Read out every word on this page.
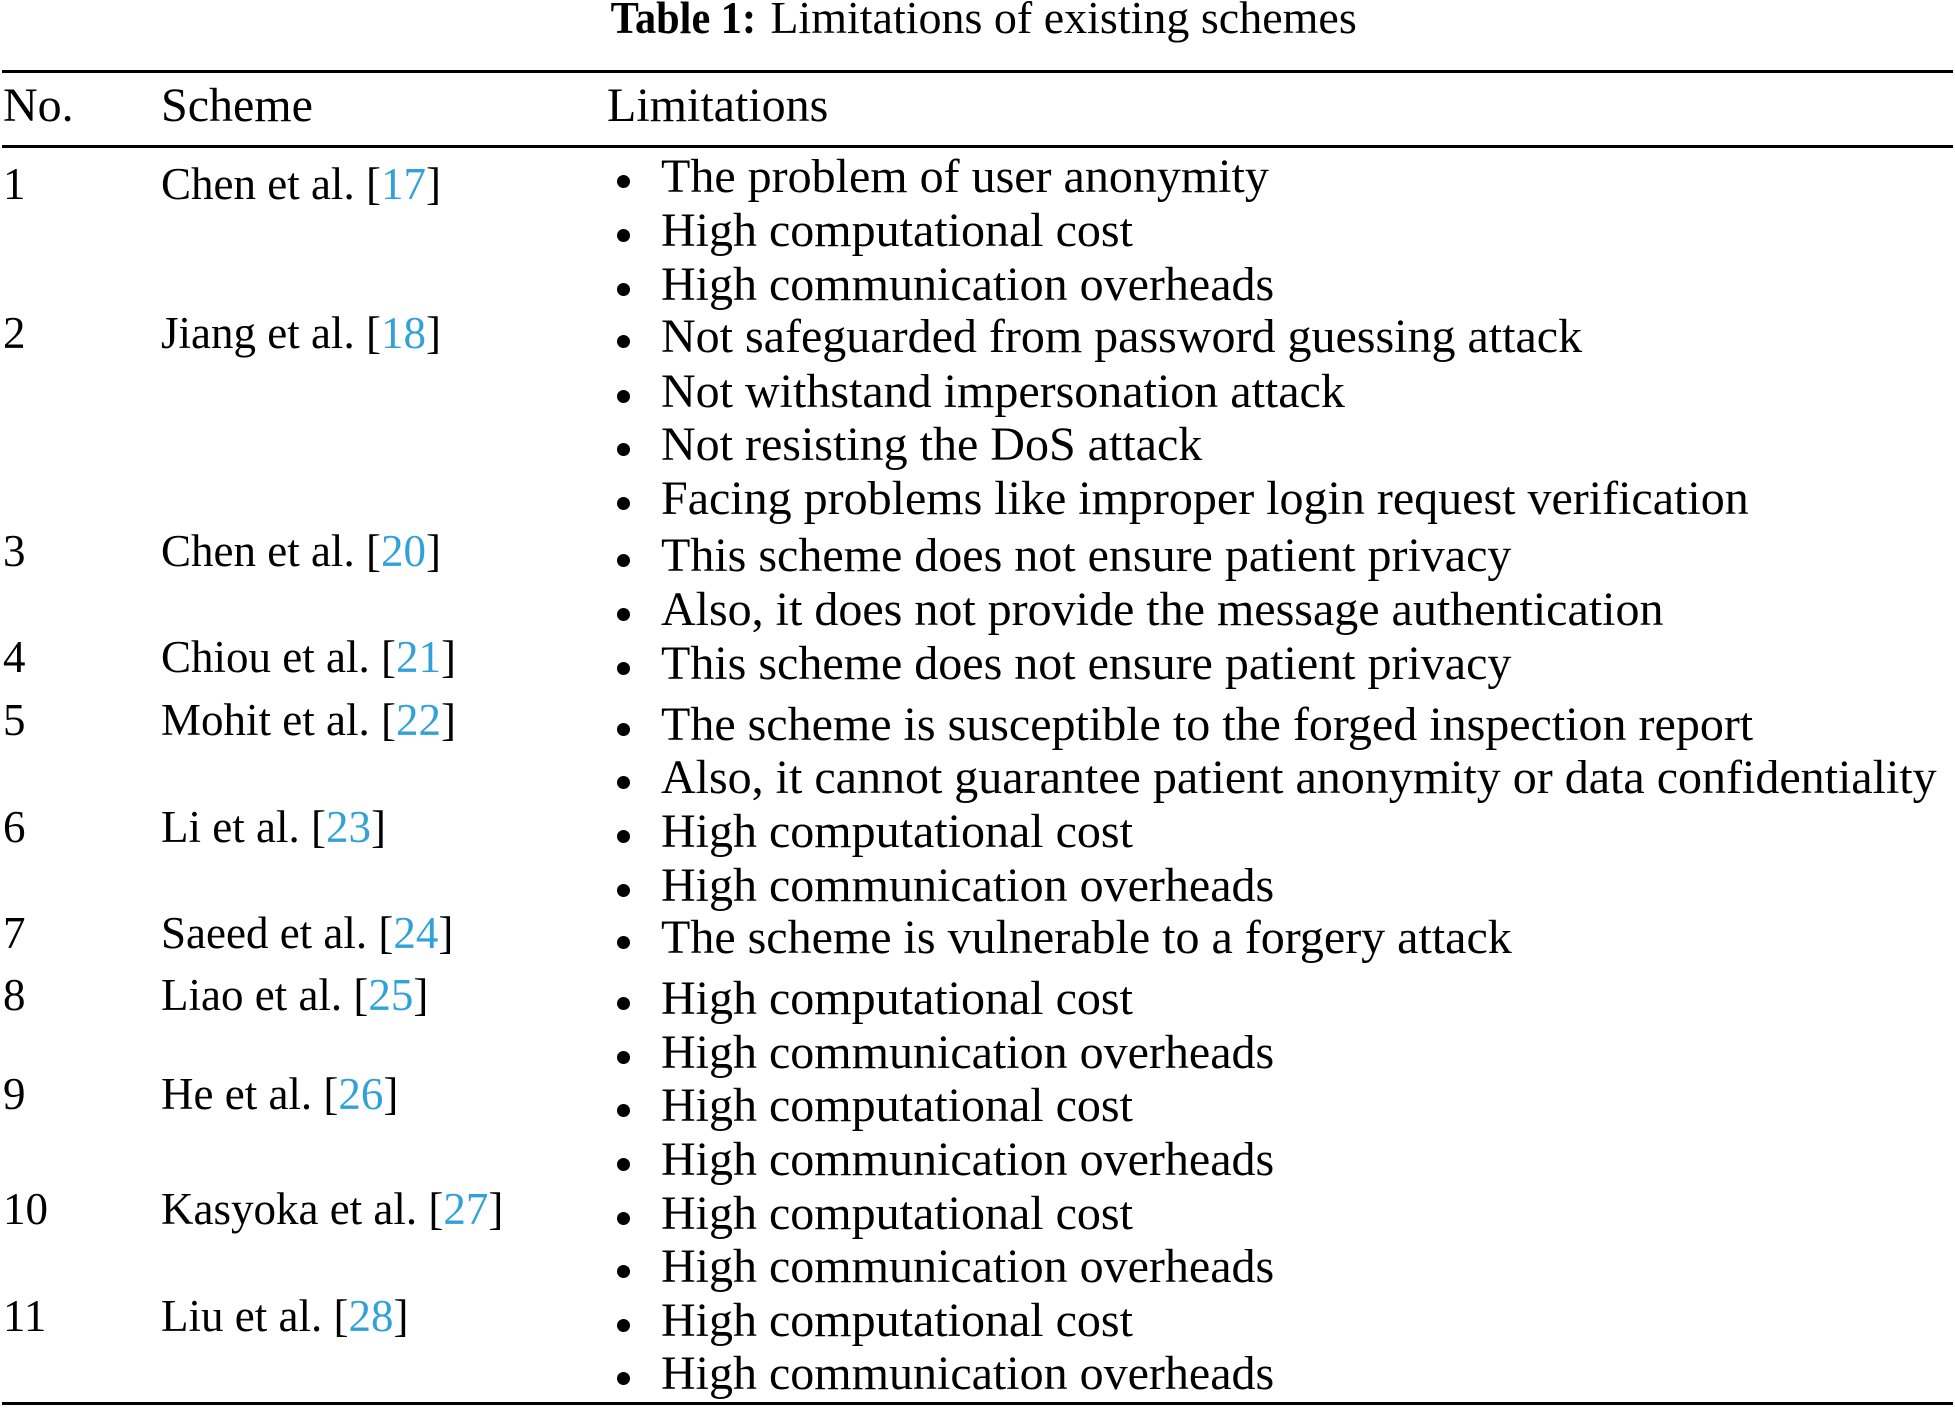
Table 1: Limitations of existing schemes
No. Scheme	Limitations
1	Chen et al. [17]	The problem of user anonymity
High computational cost
High communication overheads
2	Jiang et al. [18]	Not safeguarded from password guessing attack
Not withstand impersonation attack
Not resisting the DoS attack
Facing problems like improper login request verification
3	Chen et al. [20]	This scheme does not ensure patient privacy
Also, it does not provide the message authentication
4	Chiou et al. [21]	This scheme does not ensure patient privacy
5	Mohit et al. [22]	The scheme is susceptible to the forged inspection report
Also, it cannot guarantee patient anonymity or data confidentiality
6	Li et al. [23]	High computational cost
High communication overheads
7	Saeed et al. [24]	The scheme is vulnerable to a forgery attack
8	Liao et al. [25]	High computational cost
High communication overheads
9	He et al. [26]	High computational cost
High communication overheads
10	Kasyoka et al. [27]	High computational cost
High communication overheads
11	Liu et al. [28]	High computational cost
High communication overheads
